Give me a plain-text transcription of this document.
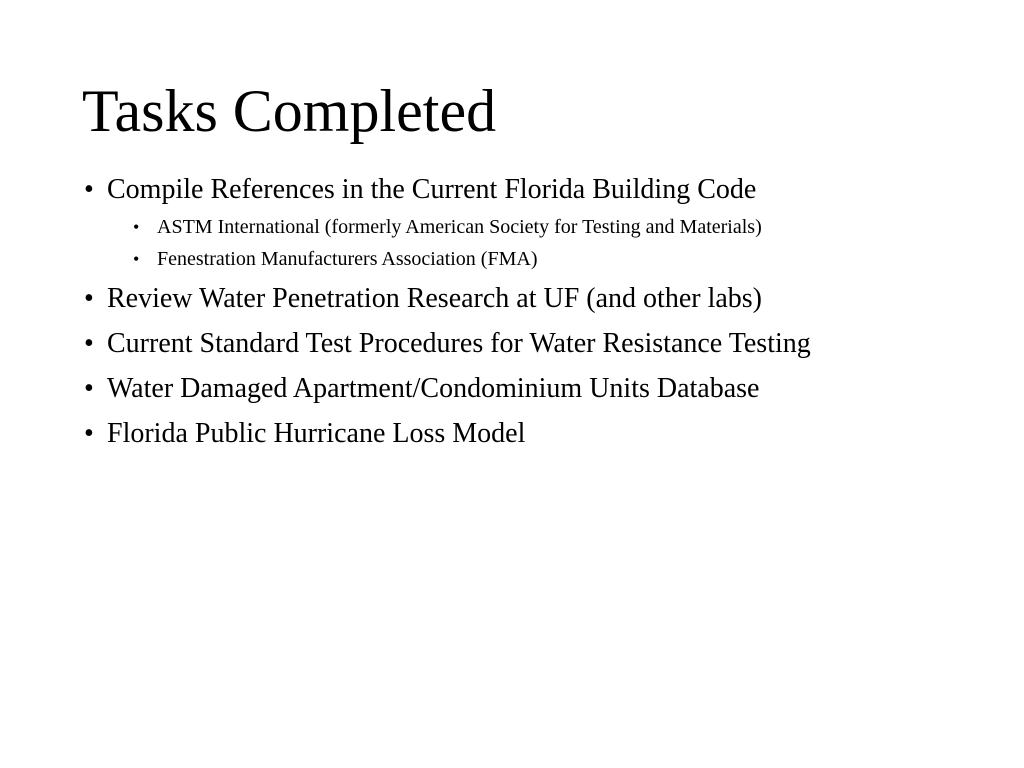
Tasks Completed
• Compile References in the Current Florida Building Code
• ASTM International (formerly American Society for Testing and Materials)
• Fenestration Manufacturers Association (FMA)
• Review Water Penetration Research at UF (and other labs)
• Current Standard Test Procedures for Water Resistance Testing
• Water Damaged Apartment/Condominium Units Database
• Florida Public Hurricane Loss Model
